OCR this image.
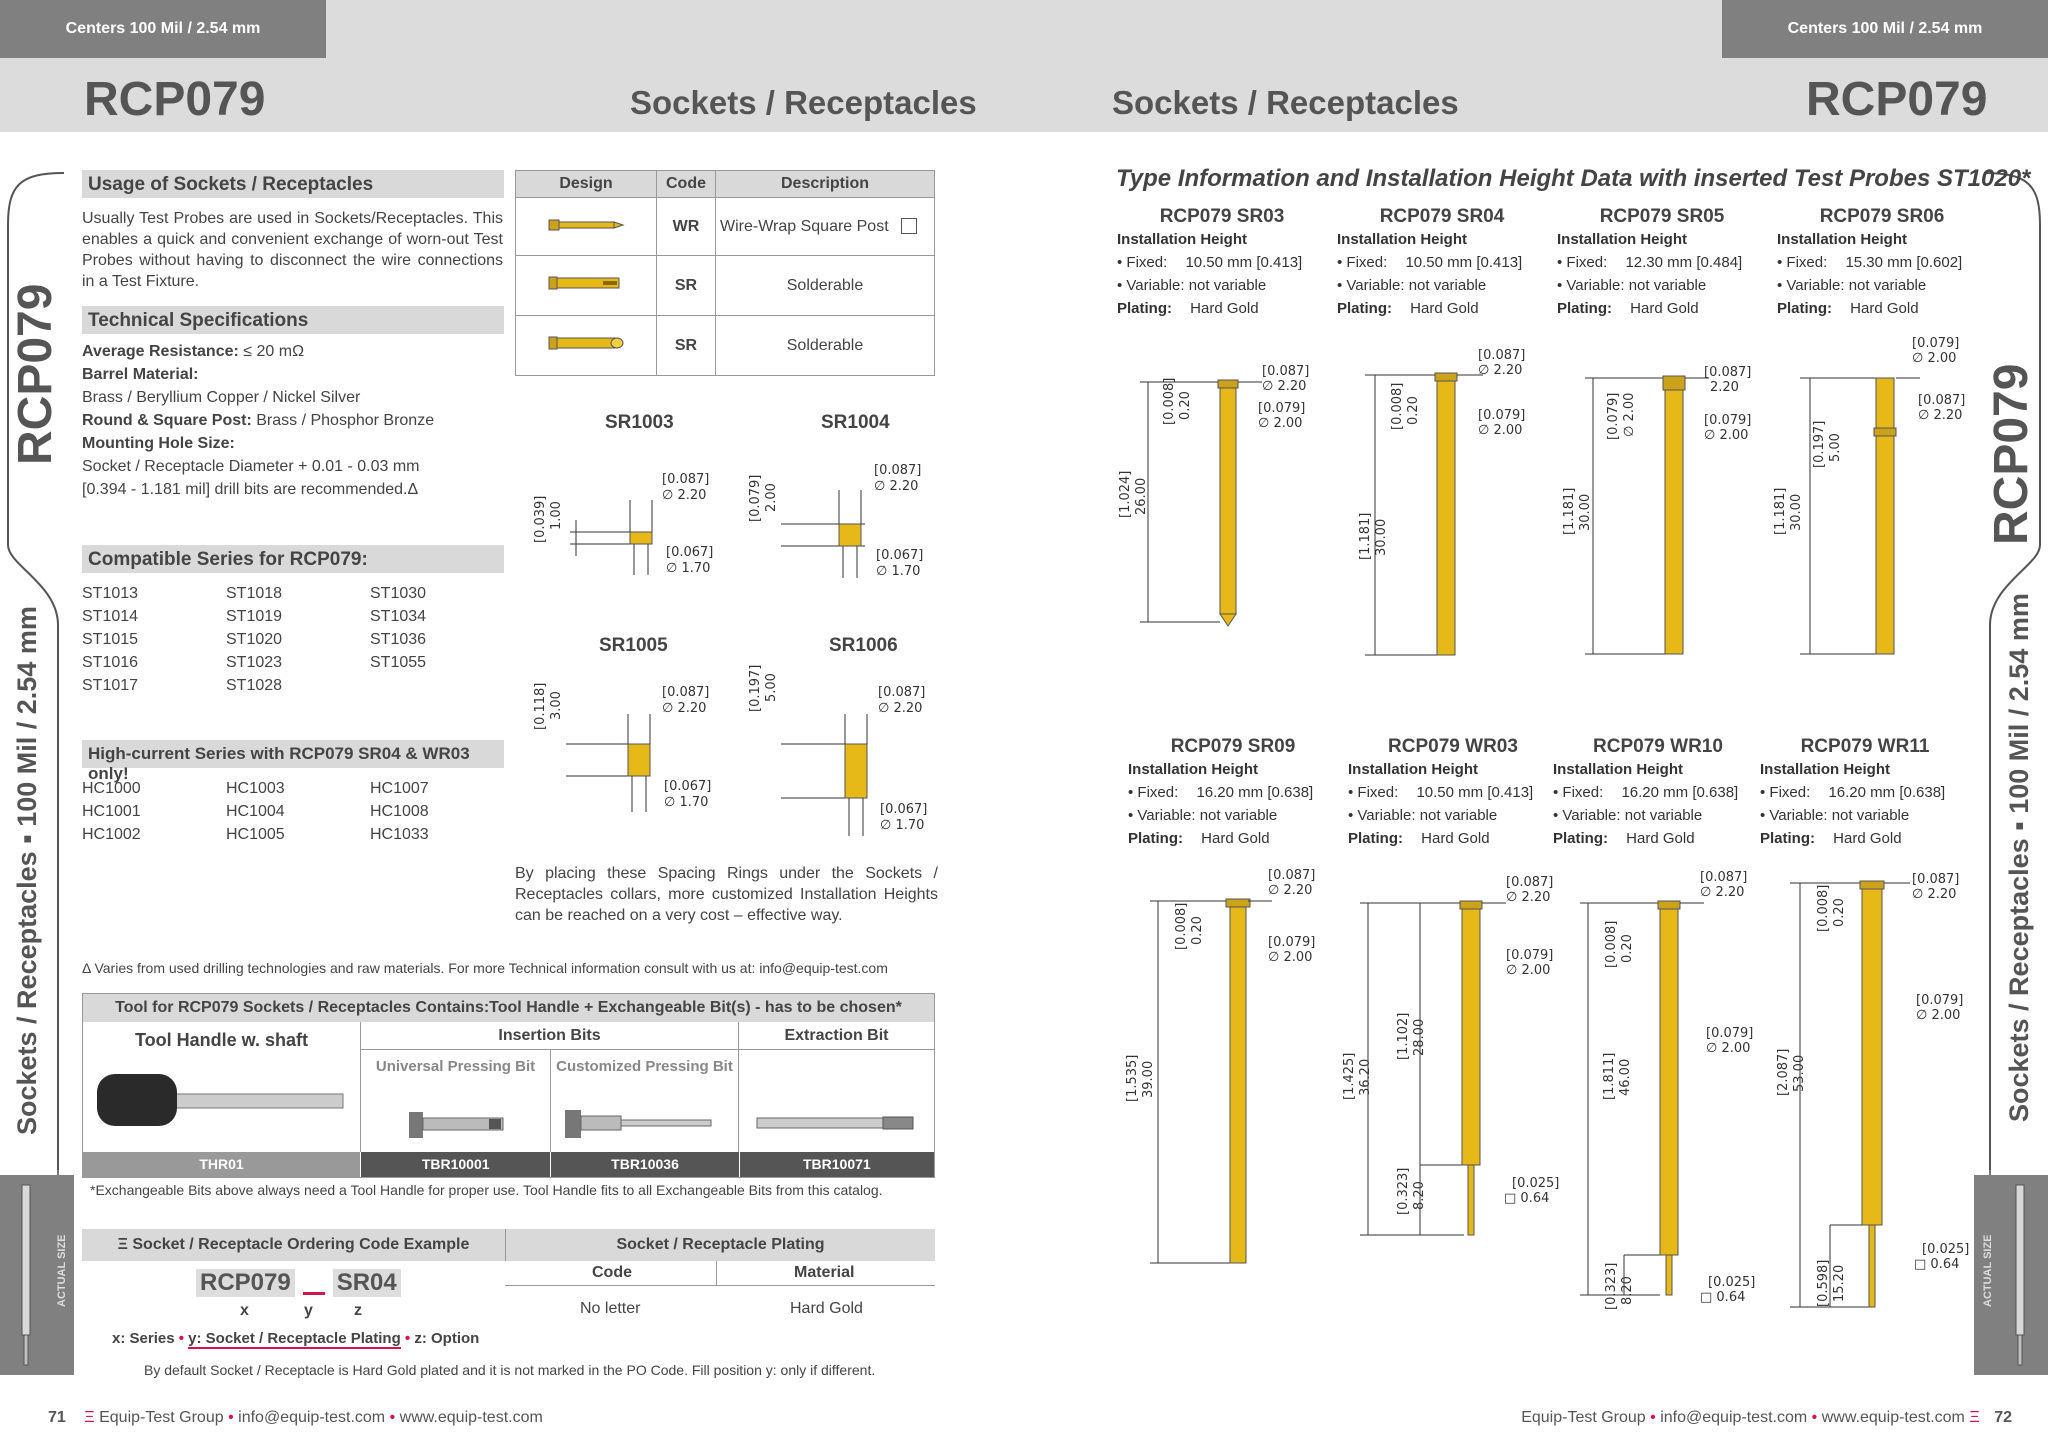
Centers 100 Mil / 2.54 mm	Centers 100 Mil / 2.54 mm
RCP079	Sockets / Receptacles	Sockets / Receptacles	RCP079
RCP079
Sockets / Receptacles ▪ 100 Mil / 2.54 mm
ACTUAL SIZE
RCP079
Sockets / Receptacles ▪ 100 Mil / 2.54 mm
ACTUAL SIZE
Usage of Sockets / Receptacles
Usually Test Probes are used in Sockets/Receptacles. This enables a quick and convenient exchange of worn-out Test Probes without having to disconnect the wire connections in a Test Fixture.
Design	Code	Description
	WR	Wire-Wrap Square Post
	SR	Solderable
	SR	Solderable
Technical Specifications
Average Resistance: ≤ 20 mΩ
Barrel Material:
Brass / Beryllium Copper / Nickel Silver
Round & Square Post: Brass / Phosphor Bronze
Mounting Hole Size:
Socket / Receptacle Diameter + 0.01 - 0.03 mm
[0.394 - 1.181 mil] drill bits are recommended.Δ
Compatible Series for RCP079:
ST1013	ST1018	ST1030
ST1014	ST1019	ST1034
ST1015	ST1020	ST1036
ST1016	ST1023	ST1055
ST1017	ST1028
High-current Series with RCP079 SR04 & WR03 only!
HC1000	HC1003	HC1007
HC1001	HC1004	HC1008
HC1002	HC1005	HC1033
SR1003	SR1004
SR1005	SR1006
[0.039] 1.00
[0.087]
∅ 2.20
[0.067]
∅ 1.70
[0.079] 2.00
[0.087]
∅ 2.20
[0.067]
∅ 1.70
[0.118] 3.00	[0.087]
∅ 2.20
[0.067]
∅ 1.70
[0.197] 5.00	[0.087]
∅ 2.20
[0.067]
∅ 1.70
By placing these Spacing Rings under the Sockets / Receptacles collars, more customized Installation Heights can be reached on a very cost – effective way.
Δ Varies from used drilling technologies and raw materials. For more Technical information consult with us at: info@equip-test.com
Tool for RCP079 Sockets / Receptacles Contains:Tool Handle + Exchangeable Bit(s) - has to be chosen*
Tool Handle w. shaft	Insertion Bits	Extraction Bit
Universal Pressing Bit	Customized Pressing Bit
THR01	TBR10001	TBR10036	TBR10071
*Exchangeable Bits above always need a Tool Handle for proper use. Tool Handle fits to all Exchangeable Bits from this catalog.
Ξ Socket / Receptacle Ordering Code Example	Socket / Receptacle Plating
RCP079 SR04
x	y	z
Code	Material
No letter	Hard Gold
x: Series • y: Socket / Receptacle Plating • z: Option
By default Socket / Receptacle is Hard Gold plated and it is not marked in the PO Code. Fill position y: only if different.
Type Information and Installation Height Data with inserted Test Probes ST1020*
RCP079 SR03
Installation Height
• Fixed: 10.50 mm [0.413]
• Variable: not variable
Plating: Hard Gold
RCP079 SR04
Installation Height
• Fixed: 10.50 mm [0.413]
• Variable: not variable
Plating: Hard Gold
RCP079 SR05
Installation Height
• Fixed: 12.30 mm [0.484]
• Variable: not variable
Plating: Hard Gold
RCP079 SR06
Installation Height
• Fixed: 15.30 mm [0.602]
• Variable: not variable
Plating: Hard Gold
RCP079 SR09
Installation Height
• Fixed: 16.20 mm [0.638]
• Variable: not variable
Plating: Hard Gold
RCP079 WR03
Installation Height
• Fixed: 10.50 mm [0.413]
• Variable: not variable
Plating: Hard Gold
RCP079 WR10
Installation Height
• Fixed: 16.20 mm [0.638]
• Variable: not variable
Plating: Hard Gold
RCP079 WR11
Installation Height
• Fixed: 16.20 mm [0.638]
• Variable: not variable
Plating: Hard Gold
[1.024] 26.00
[0.008] 0.20
[0.087]
∅ 2.20
[0.079]
∅ 2.00
[1.181] 30.00
[0.008] 0.20
[0.087]
∅ 2.20
[0.079]
∅ 2.00
[1.181] 30.00
[0.079] ∅ 2.00
[0.087]
2.20
[0.079]
∅ 2.00
[1.181] 30.00
[0.197] 5.00
[0.079]
∅ 2.00
[0.087]
∅ 2.20
[1.535] 39.00
[0.008] 0.20
[0.087]
∅ 2.20
[0.079]
∅ 2.00
[1.425] 36.20
[1.102] 28.00
[0.323] 8.20
[0.087]
∅ 2.20
[0.079]
∅ 2.00
[0.025]
□ 0.64
[1.811] 46.00
[0.008] 0.20
[0.323] 8.20
[0.087]
∅ 2.20
[0.079]
∅ 2.00
[0.025]
□ 0.64
[2.087] 53.00
[0.008] 0.20
[0.598] 15.20
[0.087]
∅ 2.20
[0.079]
∅ 2.00
[0.025]
□ 0.64
71 Ξ Equip-Test Group • info@equip-test.com • www.equip-test.com	Equip-Test Group • info@equip-test.com • www.equip-test.com Ξ 72
